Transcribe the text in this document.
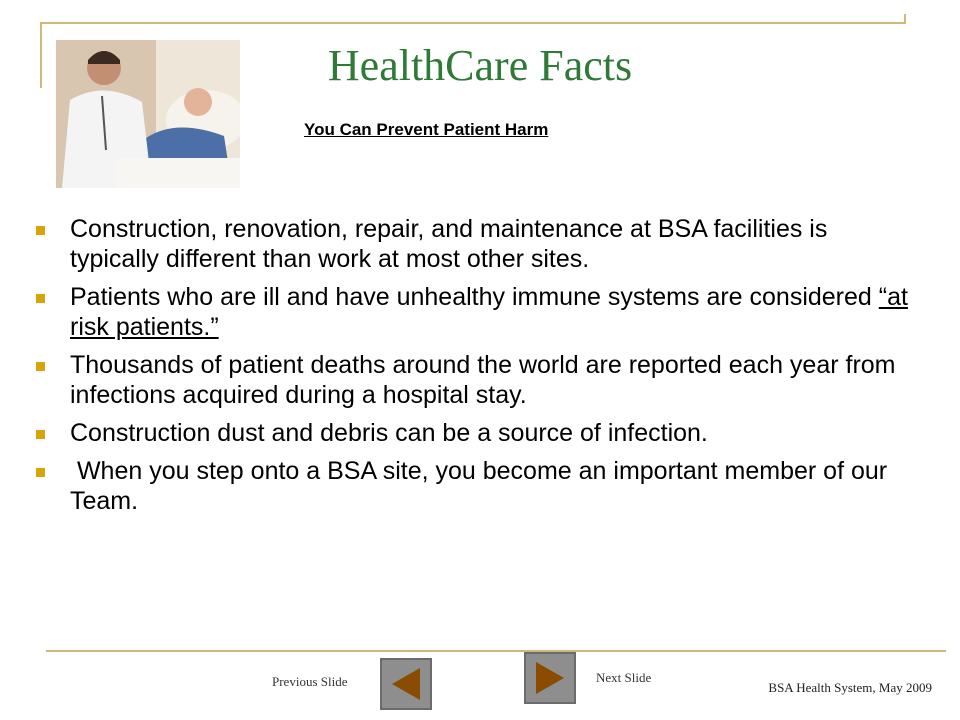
HealthCare Facts
You Can Prevent Patient Harm
Construction, renovation, repair, and maintenance at BSA facilities is typically different than work at most other sites.
Patients who are ill and have unhealthy immune systems are considered “at risk patients.”
Thousands of patient deaths around the world are reported each year from infections acquired during a hospital stay.
Construction dust and debris can be a source of infection.
When you step onto a BSA site, you become an important member of our Team.
Previous Slide	Next Slide
BSA Health System, May 2009
